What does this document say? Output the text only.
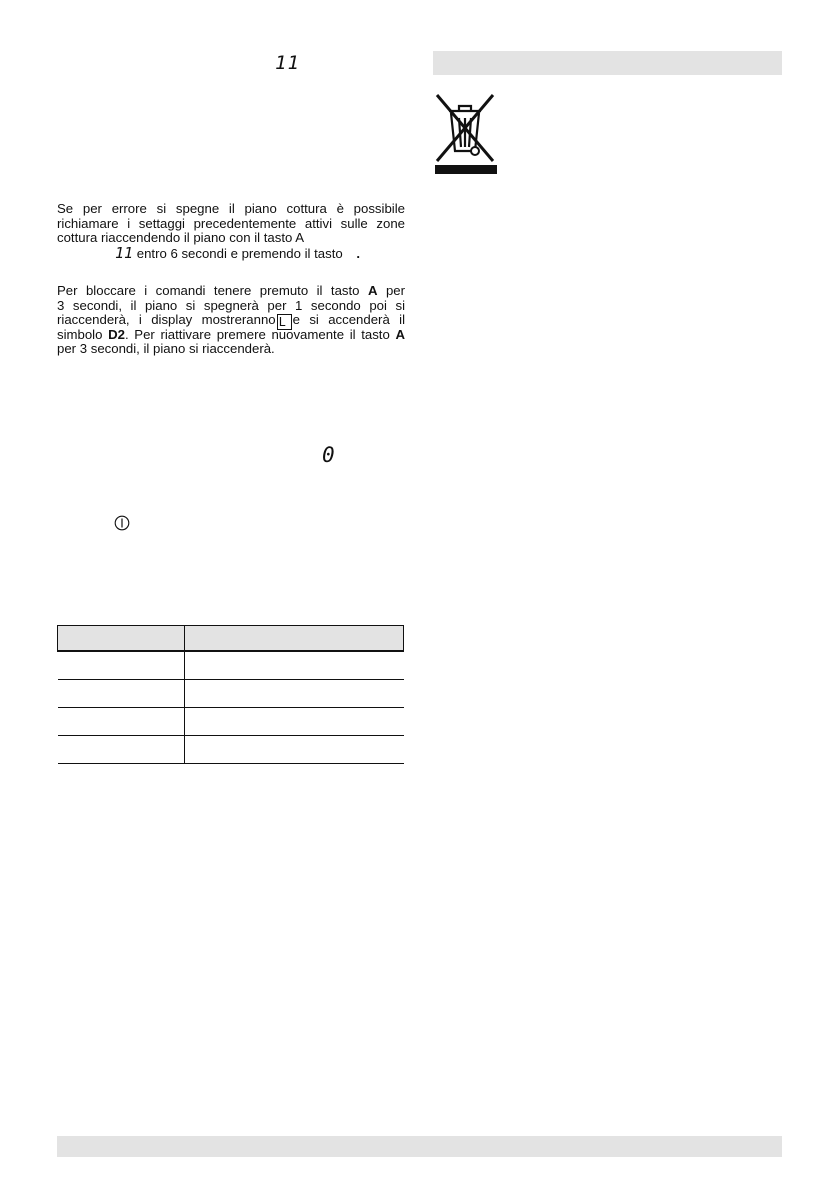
11
Se per errore si spegne il piano cottura è possibile
richiamare i settaggi precedentemente attivi sulle zone
cottura riaccendendo il piano con il tasto A
11 entro 6 secondi e premendo il tasto .
Per bloccare i comandi tenere premuto il tasto A per
3 secondi, il piano si spegnerà per 1 secondo poi si
riaccenderà, i display mostreranno L e si accenderà il
simbolo D2. Per riattivare premere nuovamente il tasto A
per 3 secondi, il piano si riaccenderà.
0
